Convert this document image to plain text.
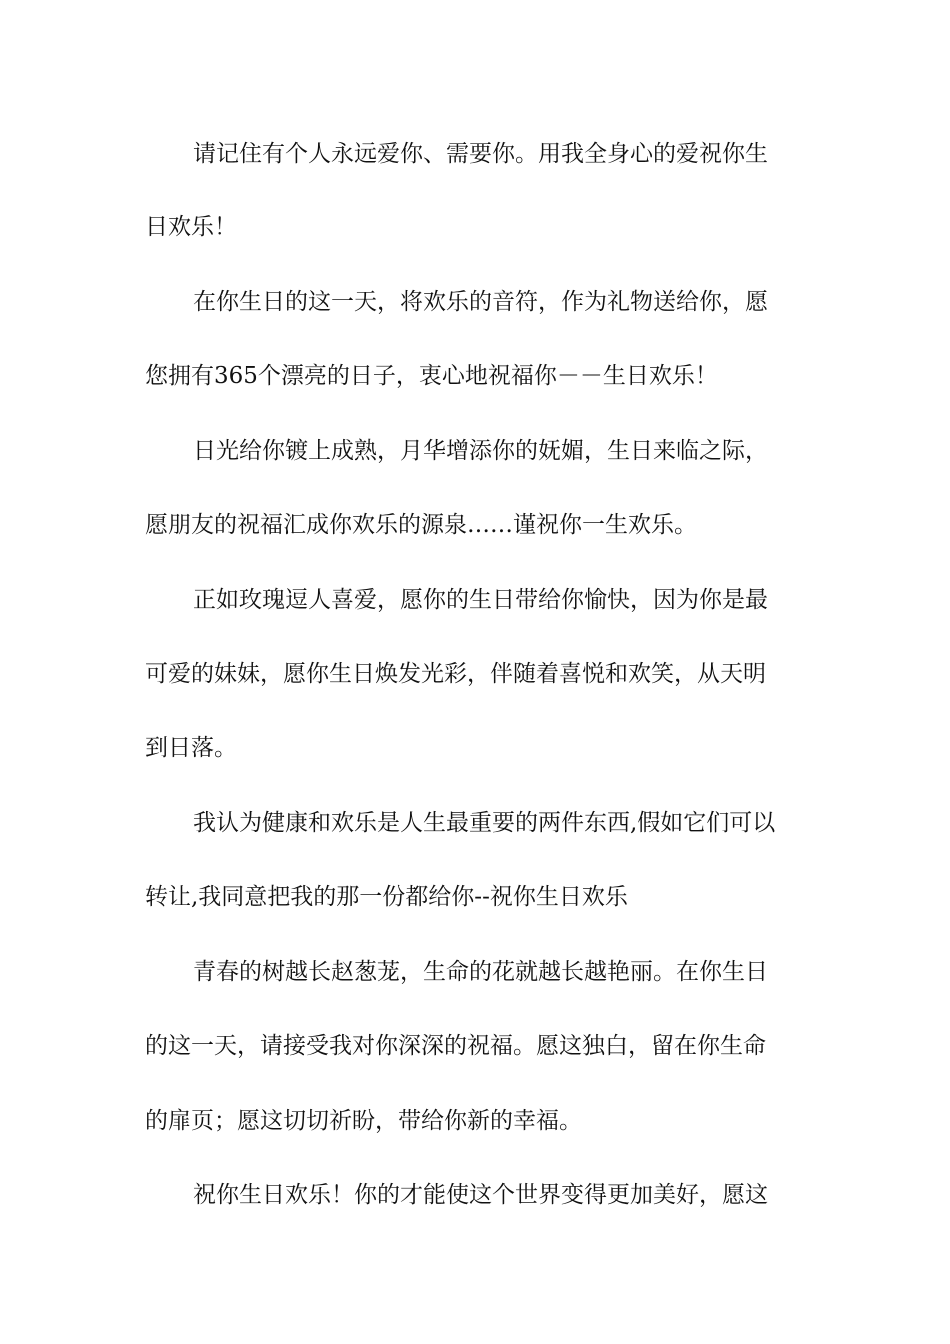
请记住有个人永远爱你、需要你。用我全身心的爱祝你生
日欢乐！
在你生日的这一天，将欢乐的音符，作为礼物送给你，愿
您拥有365个漂亮的日子，衷心地祝福你－－生日欢乐！
日光给你镀上成熟，月华增添你的妩媚，生日来临之际，
愿朋友的祝福汇成你欢乐的源泉……谨祝你一生欢乐。
正如玫瑰逗人喜爱，愿你的生日带给你愉快，因为你是最
可爱的妹妹，愿你生日焕发光彩，伴随着喜悦和欢笑，从天明
到日落。
我认为健康和欢乐是人生最重要的两件东西,假如它们可以
转让,我同意把我的那一份都给你--祝你生日欢乐
青春的树越长赵葱茏，生命的花就越长越艳丽。在你生日
的这一天，请接受我对你深深的祝福。愿这独白，留在你生命
的扉页；愿这切切祈盼，带给你新的幸福。
祝你生日欢乐！你的才能使这个世界变得更加美好，愿这
